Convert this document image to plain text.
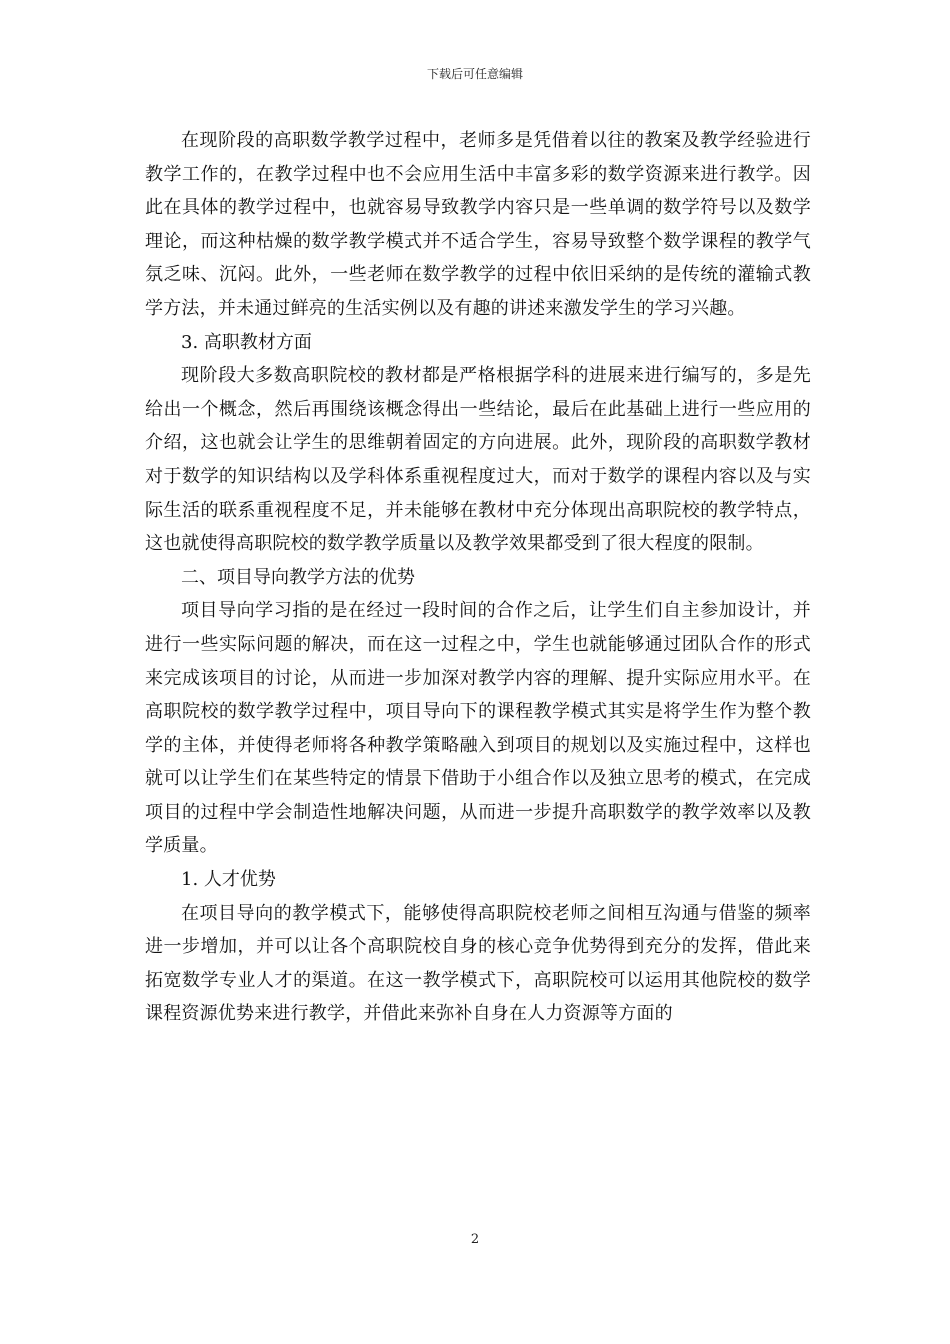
下载后可任意编辑

在现阶段的高职数学教学过程中，老师多是凭借着以往的教案及教学经验进行教学工作的，在教学过程中也不会应用生活中丰富多彩的数学资源来进行教学。因此在具体的教学过程中，也就容易导致教学内容只是一些单调的数学符号以及数学理论，而这种枯燥的数学教学模式并不适合学生，容易导致整个数学课程的教学气氛乏味、沉闷。此外，一些老师在数学教学的过程中依旧采纳的是传统的灌输式教学方法，并未通过鲜亮的生活实例以及有趣的讲述来激发学生的学习兴趣。

3. 高职教材方面

现阶段大多数高职院校的教材都是严格根据学科的进展来进行编写的，多是先给出一个概念，然后再围绕该概念得出一些结论，最后在此基础上进行一些应用的介绍，这也就会让学生的思维朝着固定的方向进展。此外，现阶段的高职数学教材对于数学的知识结构以及学科体系重视程度过大，而对于数学的课程内容以及与实际生活的联系重视程度不足，并未能够在教材中充分体现出高职院校的教学特点，这也就使得高职院校的数学教学质量以及教学效果都受到了很大程度的限制。

二、项目导向教学方法的优势

项目导向学习指的是在经过一段时间的合作之后，让学生们自主参加设计，并进行一些实际问题的解决，而在这一过程之中，学生也就能够通过团队合作的形式来完成该项目的讨论，从而进一步加深对教学内容的理解、提升实际应用水平。在高职院校的数学教学过程中，项目导向下的课程教学模式其实是将学生作为整个教学的主体，并使得老师将各种教学策略融入到项目的规划以及实施过程中，这样也就可以让学生们在某些特定的情景下借助于小组合作以及独立思考的模式，在完成项目的过程中学会制造性地解决问题，从而进一步提升高职数学的教学效率以及教学质量。

1. 人才优势

在项目导向的教学模式下，能够使得高职院校老师之间相互沟通与借鉴的频率进一步增加，并可以让各个高职院校自身的核心竞争优势得到充分的发挥，借此来拓宽数学专业人才的渠道。在这一教学模式下，高职院校可以运用其他院校的数学课程资源优势来进行教学，并借此来弥补自身在人力资源等方面的

2
